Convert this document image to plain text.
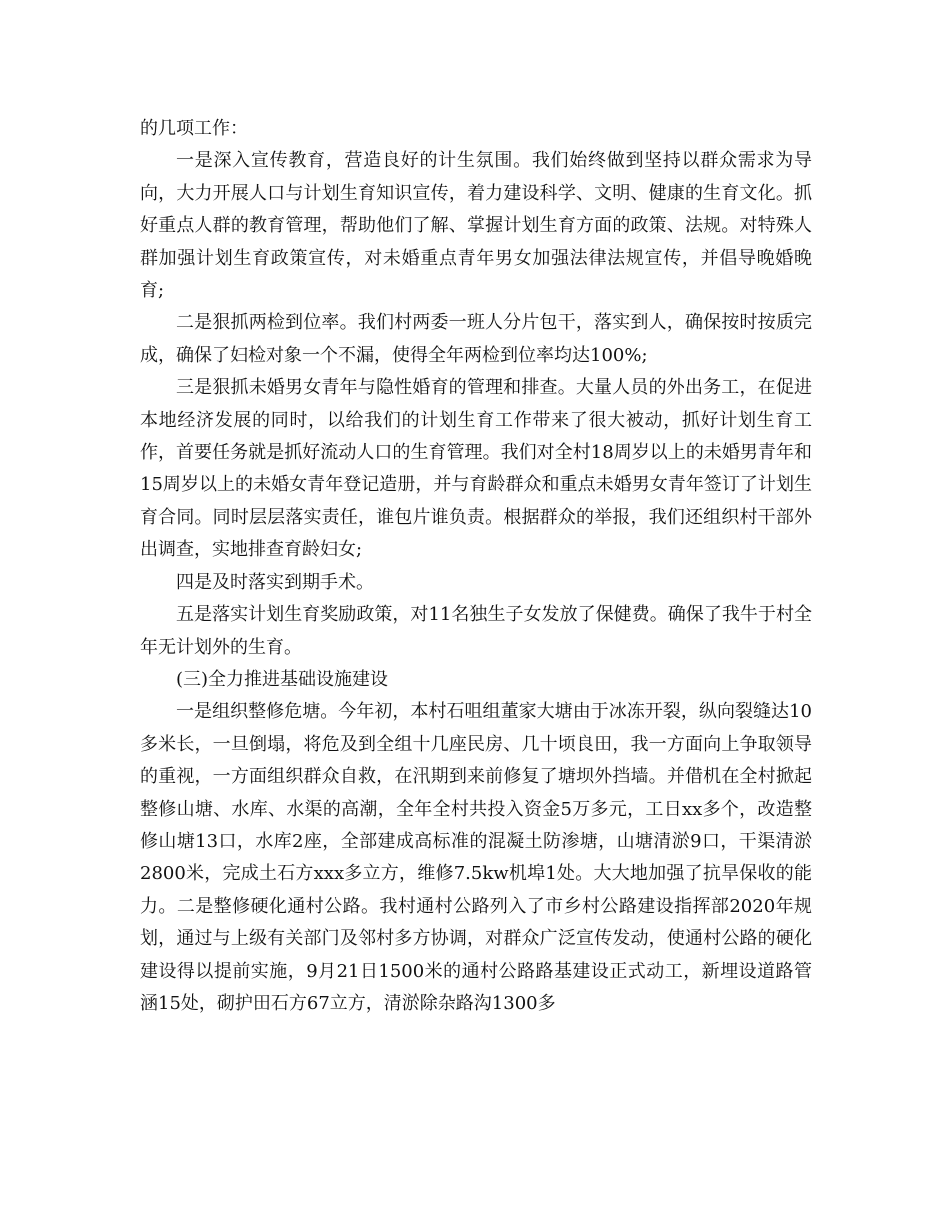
的几项工作：

一是深入宣传教育，营造良好的计生氛围。我们始终做到坚持以群众需求为导向，大力开展人口与计划生育知识宣传，着力建设科学、文明、健康的生育文化。抓好重点人群的教育管理，帮助他们了解、掌握计划生育方面的政策、法规。对特殊人群加强计划生育政策宣传，对未婚重点青年男女加强法律法规宣传，并倡导晚婚晚育;

二是狠抓两检到位率。我们村两委一班人分片包干，落实到人，确保按时按质完成，确保了妇检对象一个不漏，使得全年两检到位率均达100%;

三是狠抓未婚男女青年与隐性婚育的管理和排查。大量人员的外出务工，在促进本地经济发展的同时，以给我们的计划生育工作带来了很大被动，抓好计划生育工作，首要任务就是抓好流动人口的生育管理。我们对全村18周岁以上的未婚男青年和15周岁以上的未婚女青年登记造册，并与育龄群众和重点未婚男女青年签订了计划生育合同。同时层层落实责任，谁包片谁负责。根据群众的举报，我们还组织村干部外出调查，实地排查育龄妇女;

四是及时落实到期手术。

五是落实计划生育奖励政策，对11名独生子女发放了保健费。确保了我牛于村全年无计划外的生育。

(三)全力推进基础设施建设

一是组织整修危塘。今年初，本村石咀组董家大塘由于冰冻开裂，纵向裂缝达10多米长，一旦倒塌，将危及到全组十几座民房、几十顷良田，我一方面向上争取领导的重视，一方面组织群众自救，在汛期到来前修复了塘坝外挡墙。并借机在全村掀起整修山塘、水库、水渠的高潮，全年全村共投入资金5万多元，工日xx多个，改造整修山塘13口，水库2座，全部建成高标准的混凝土防渗塘，山塘清淤9口，干渠清淤2800米，完成土石方xxx多立方，维修7.5kw机埠1处。大大地加强了抗旱保收的能力。二是整修硬化通村公路。我村通村公路列入了市乡村公路建设指挥部2020年规划，通过与上级有关部门及邻村多方协调，对群众广泛宣传发动，使通村公路的硬化建设得以提前实施，9月21日1500米的通村公路路基建设正式动工，新埋设道路管涵15处，砌护田石方67立方，清淤除杂路沟1300多
